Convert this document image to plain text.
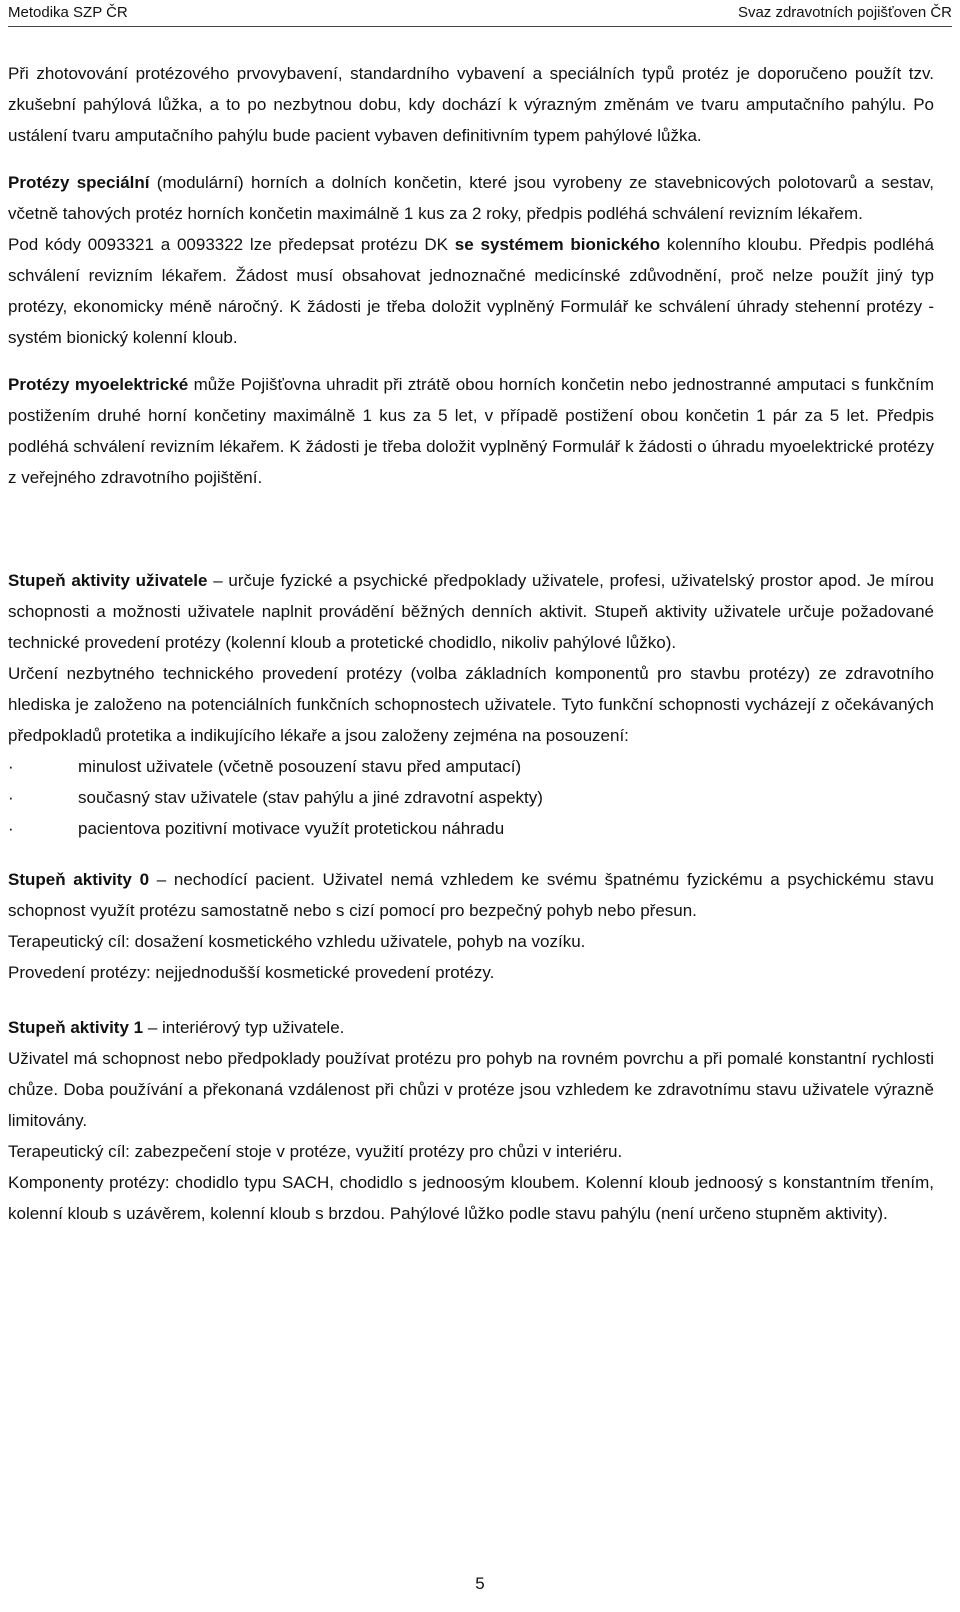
Metodika SZP ČR	Svaz zdravotních pojišťoven ČR

Při zhotovování protézového prvovybavení, standardního vybavení a speciálních typů protéz je doporučeno použít tzv. zkušební pahýlová lůžka, a to po nezbytnou dobu, kdy dochází k výrazným změnám ve tvaru amputačního pahýlu. Po ustálení tvaru amputačního pahýlu bude pacient vybaven definitivním typem pahýlové lůžka.

Protézy speciální (modulární) horních a dolních končetin, které jsou vyrobeny ze stavebnicových polotovarů a sestav, včetně tahových protéz horních končetin maximálně 1 kus za 2 roky, předpis podléhá schválení revizním lékařem.

Pod kódy 0093321 a 0093322 lze předepsat protézu DK se systémem bionického kolenního kloubu. Předpis podléhá schválení revizním lékařem. Žádost musí obsahovat jednoznačné medicínské zdůvodnění, proč nelze použít jiný typ protézy, ekonomicky méně náročný. K žádosti je třeba doložit vyplněný Formulář ke schválení úhrady stehenní protézy - systém bionický kolenní kloub.

Protézy myoelektrické může Pojišťovna uhradit při ztrátě obou horních končetin nebo jednostranné amputaci s funkčním postižením druhé horní končetiny maximálně 1 kus za 5 let, v případě postižení obou končetin 1 pár za 5 let. Předpis podléhá schválení revizním lékařem. K žádosti je třeba doložit vyplněný Formulář k žádosti o úhradu myoelektrické protézy z veřejného zdravotního pojištění.

Stupeň aktivity uživatele – určuje fyzické a psychické předpoklady uživatele, profesi, uživatelský prostor apod. Je mírou schopnosti a možnosti uživatele naplnit provádění běžných denních aktivit. Stupeň aktivity uživatele určuje požadované technické provedení protézy (kolenní kloub a protetické chodidlo, nikoliv pahýlové lůžko).

Určení nezbytného technického provedení protézy (volba základních komponentů pro stavbu protézy) ze zdravotního hlediska je založeno na potenciálních funkčních schopnostech uživatele. Tyto funkční schopnosti vycházejí z očekávaných předpokladů protetika a indikujícího lékaře a jsou založeny zejména na posouzení:

·	minulost uživatele (včetně posouzení stavu před amputací)
·	současný stav uživatele (stav pahýlu a jiné zdravotní aspekty)
·	pacientova pozitivní motivace využít protetickou náhradu

Stupeň aktivity 0 – nechodící pacient. Uživatel nemá vzhledem ke svému špatnému fyzickému a psychickému stavu schopnost využít protézu samostatně nebo s cizí pomocí pro bezpečný pohyb nebo přesun.

Terapeutický cíl: dosažení kosmetického vzhledu uživatele, pohyb na vozíku.

Provedení protézy: nejjednodušší kosmetické provedení protézy.

Stupeň aktivity 1 – interiérový typ uživatele.

Uživatel má schopnost nebo předpoklady používat protézu pro pohyb na rovném povrchu a při pomalé konstantní rychlosti chůze. Doba používání a překonaná vzdálenost při chůzi v protéze jsou vzhledem ke zdravotnímu stavu uživatele výrazně limitovány.

Terapeutický cíl: zabezpečení stoje v protéze, využití protézy pro chůzi v interiéru.

Komponenty protézy: chodidlo typu SACH, chodidlo s jednoosým kloubem. Kolenní kloub jednoosý s konstantním třením, kolenní kloub s uzávěrem, kolenní kloub s brzdou. Pahýlové lůžko podle stavu pahýlu (není určeno stupněm aktivity).

5
